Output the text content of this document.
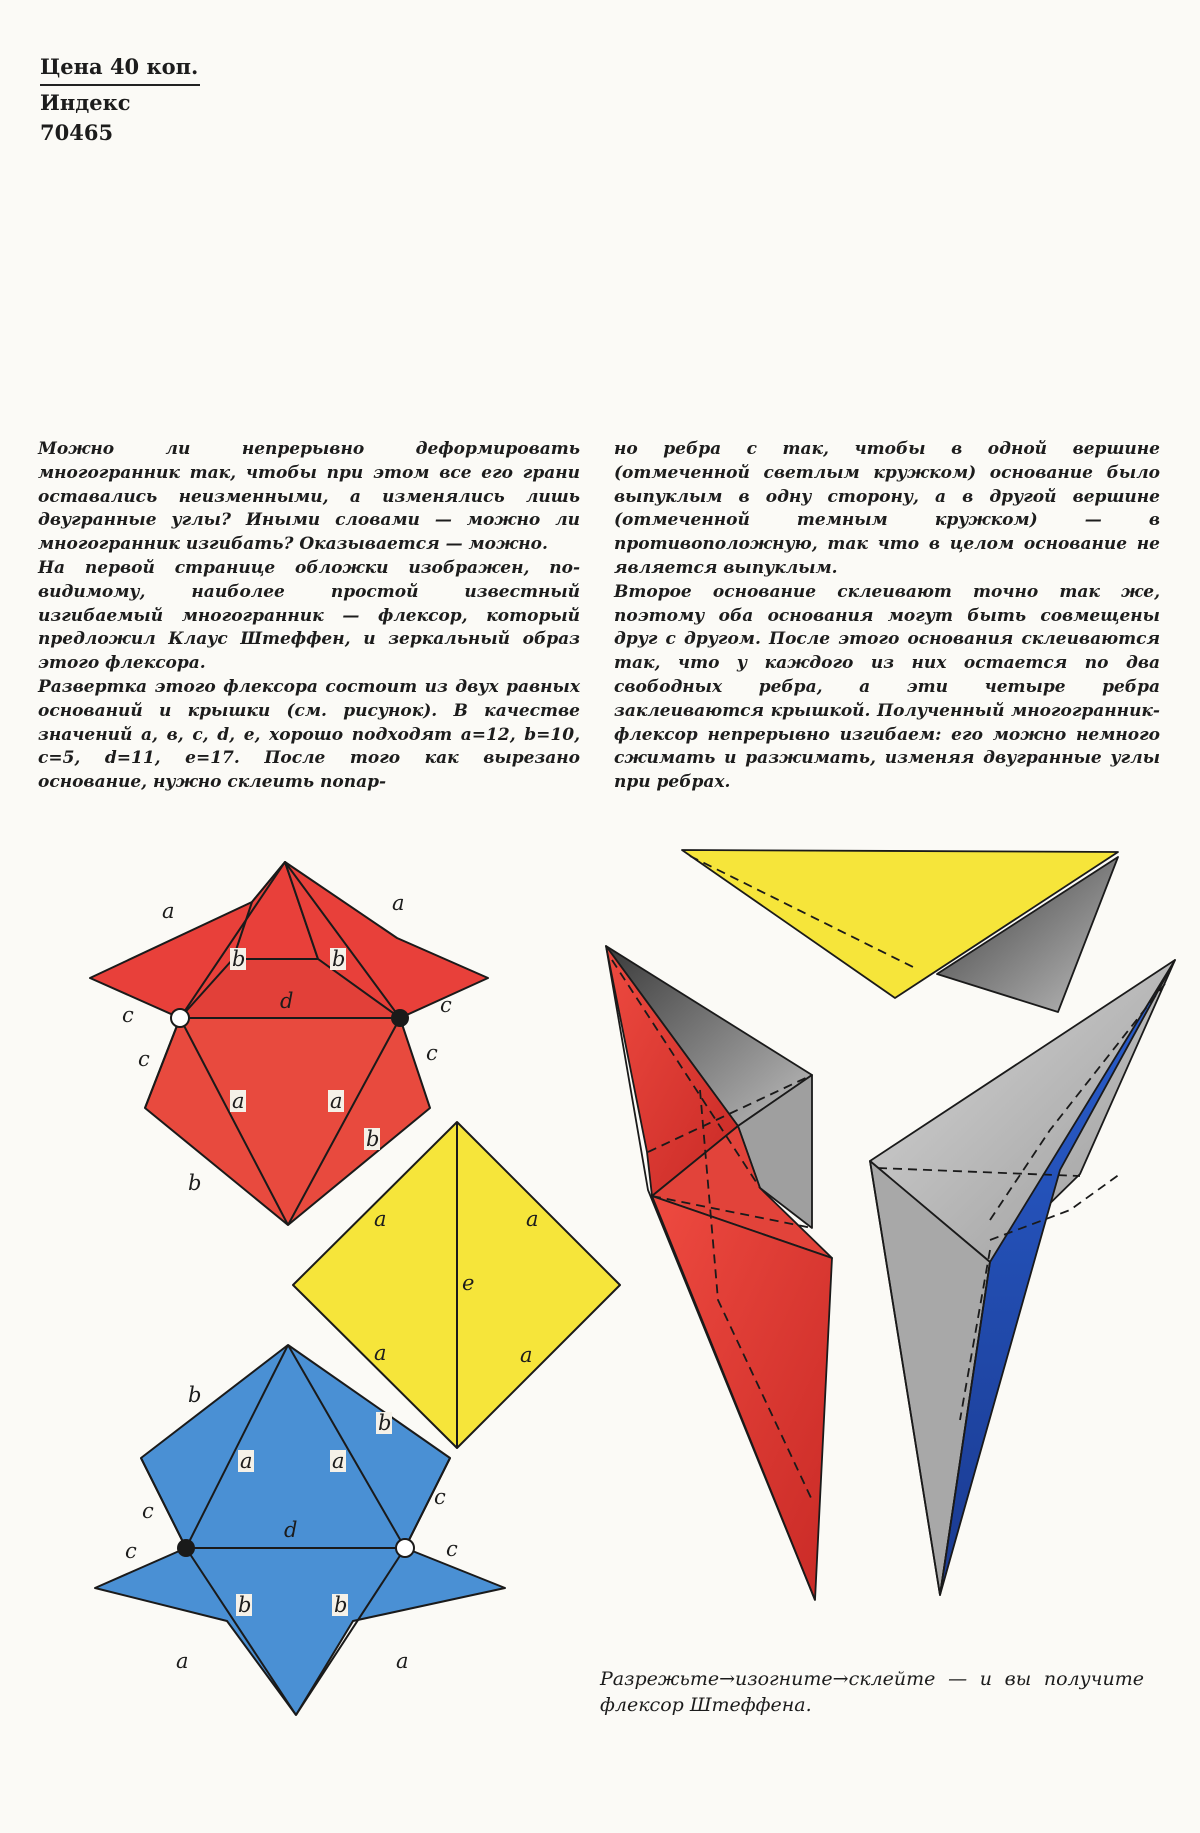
Цена 40 коп.
Индекс 70465

Можно ли непрерывно деформировать многогранник так, чтобы при этом все его грани оставались неизменными, а изменялись лишь двугранные углы? Иными словами — можно ли многогранник изгибать? Оказывается — можно.

На первой странице обложки изображен, по-видимому, наиболее простой известный изгибаемый многогранник — флексор, который предложил Клаус Штеффен, и зеркальный образ этого флексора.

Развертка этого флексора состоит из двух равных оснований и крышки (см. рисунок). В качестве значений a, в, c, d, e, хорошо подходят a=12, b=10, c=5, d=11, e=17. После того как вырезано основание, нужно склеить попар-

но ребра с так, чтобы в одной вершине (отмеченной светлым кружком) основание было выпуклым в одну сторону, а в другой вершине (отмеченной темным кружком) — в противоположную, так что в целом основание не является выпуклым.

Второе основание склеивают точно так же, поэтому оба основания могут быть совмещены друг с другом. После этого основания склеиваются так, что у каждого из них остается по два свободных ребра, а эти четыре ребра заклеиваются крышкой. Полученный многогранник-флексор непрерывно изгибаем: его можно немного сжимать и разжимать, изменяя двугранные углы при ребрах.

a	a
b	b
d
c	c
c	c
a	a
b
b
a	a
e
a	a
b
b
a	a
c
c
d
c	c
b	b
a	a
Разрежьте→изогните→склейте — и вы получите флексор Штеффена.
